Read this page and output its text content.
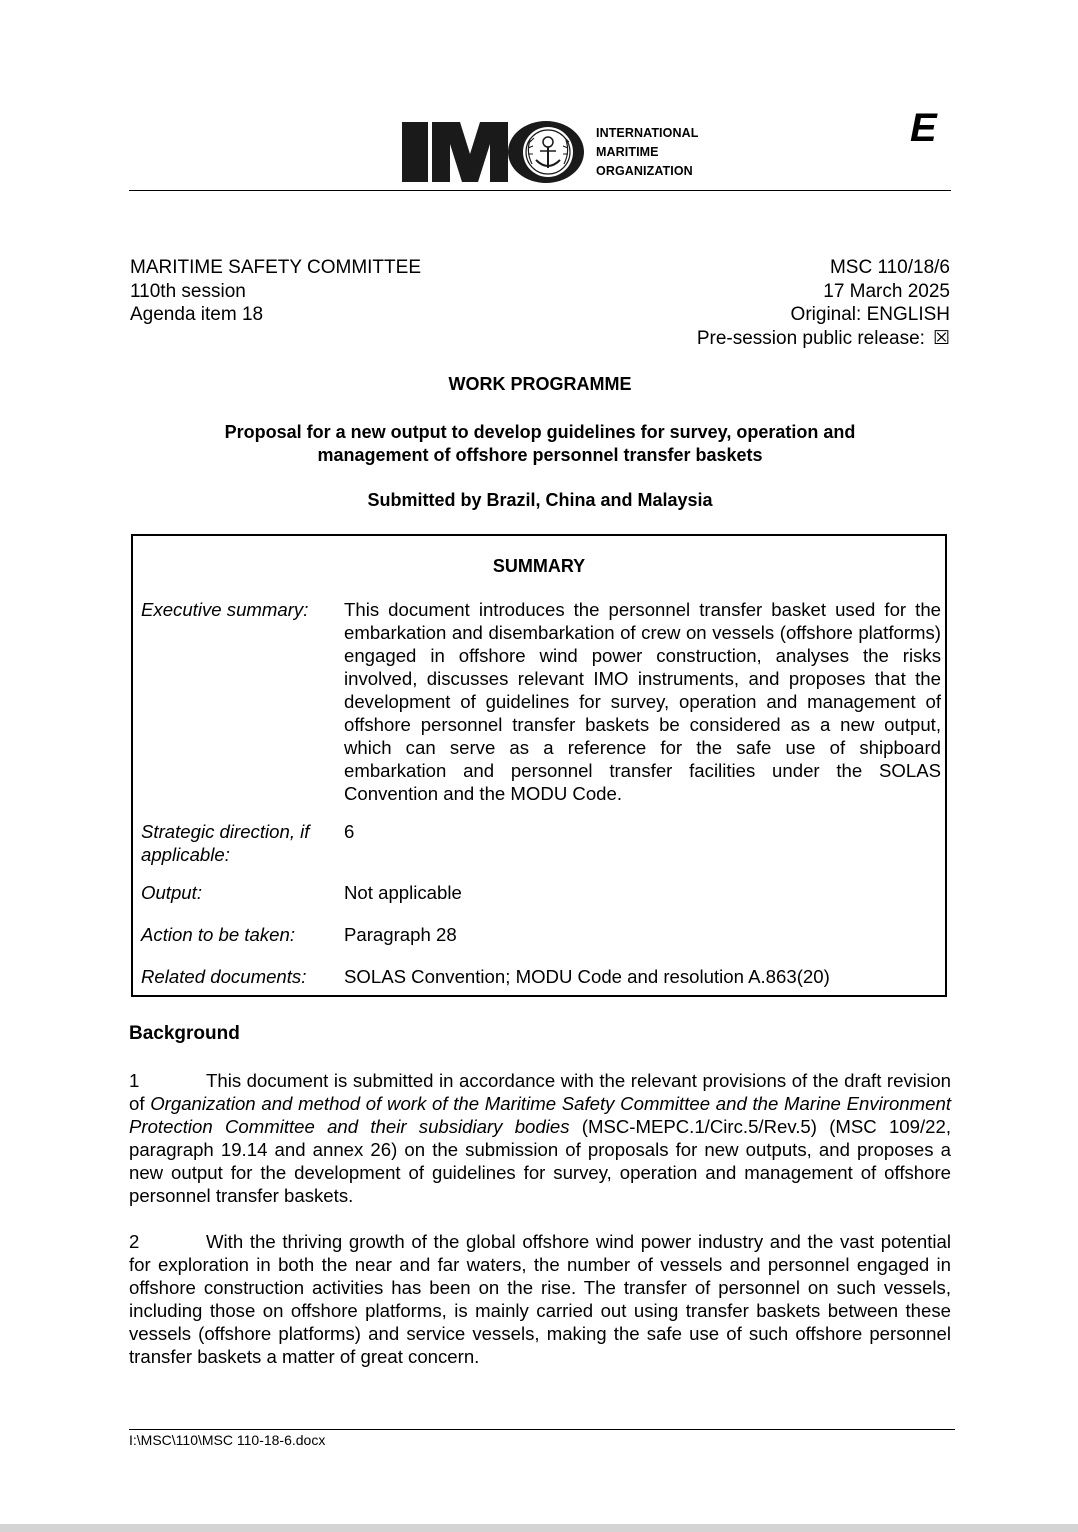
INTERNATIONAL
MARITIME
ORGANIZATION
E
MARITIME SAFETY COMMITTEE
110th session
Agenda item 18
MSC 110/18/6
17 March 2025
Original: ENGLISH
Pre-session public release: ☒
WORK PROGRAMME
Proposal for a new output to develop guidelines for survey, operation and
management of offshore personnel transfer baskets
Submitted by Brazil, China and Malaysia
SUMMARY
Executive summary:	This document introduces the personnel transfer basket used for the embarkation and disembarkation of crew on vessels (offshore platforms) engaged in offshore wind power construction, analyses the risks involved, discusses relevant IMO instruments, and proposes that the development of guidelines for survey, operation and management of offshore personnel transfer baskets be considered as a new output, which can serve as a reference for the safe use of shipboard embarkation and personnel transfer facilities under the SOLAS Convention and the MODU Code.
Strategic direction, if applicable:
6
Output:	Not applicable
Action to be taken:	Paragraph 28
Related documents:	SOLAS Convention; MODU Code and resolution A.863(20)
Background
1	This document is submitted in accordance with the relevant provisions of the draft revision of Organization and method of work of the Maritime Safety Committee and the Marine Environment Protection Committee and their subsidiary bodies (MSC-MEPC.1/Circ.5/Rev.5) (MSC 109/22, paragraph 19.14 and annex 26) on the submission of proposals for new outputs, and proposes a new output for the development of guidelines for survey, operation and management of offshore personnel transfer baskets.
2	With the thriving growth of the global offshore wind power industry and the vast potential for exploration in both the near and far waters, the number of vessels and personnel engaged in offshore construction activities has been on the rise. The transfer of personnel on such vessels, including those on offshore platforms, is mainly carried out using transfer baskets between these vessels (offshore platforms) and service vessels, making the safe use of such offshore personnel transfer baskets a matter of great concern.
I:\MSC\110\MSC 110-18-6.docx
